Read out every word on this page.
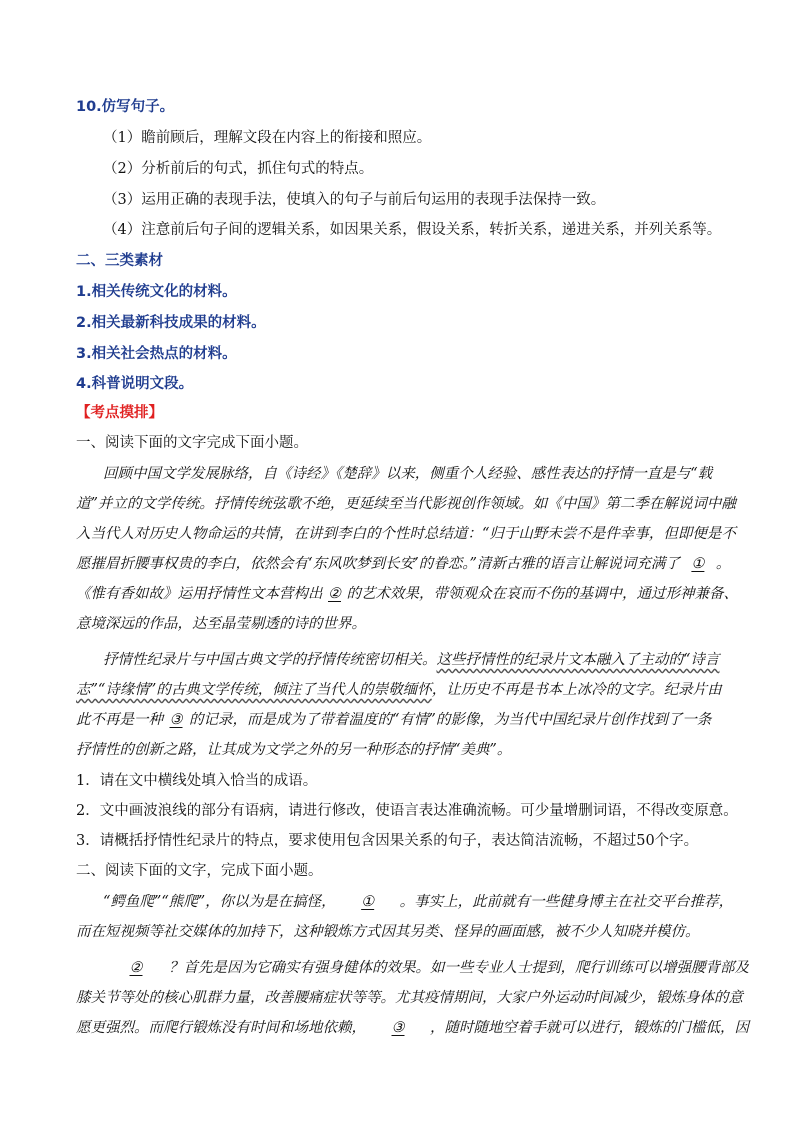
10.仿写句子。
（1）瞻前顾后，理解文段在内容上的衔接和照应。
（2）分析前后的句式，抓住句式的特点。
（3）运用正确的表现手法，使填入的句子与前后句运用的表现手法保持一致。
（4）注意前后句子间的逻辑关系，如因果关系，假设关系，转折关系，递进关系，并列关系等。
二、三类素材
1.相关传统文化的材料。
2.相关最新科技成果的材料。
3.相关社会热点的材料。
4.科普说明文段。
【考点摸排】
一、阅读下面的文字完成下面小题。
回顾中国文学发展脉络，自《诗经》《楚辞》以来，侧重个人经验、感性表达的抒情一直是与“载
道”并立的文学传统。抒情传统弦歌不绝，更延续至当代影视创作领域。如《中国》第二季在解说词中融
入当代人对历史人物命运的共情，在讲到李白的个性时总结道：“归于山野未尝不是件幸事，但即便是不
愿摧眉折腰事权贵的李白，依然会有‘东风吹梦到长安’的眷恋。”清新古雅的语言让解说词充满了 ① 。
《惟有香如故》运用抒情性文本营构出 ② 的艺术效果，带领观众在哀而不伤的基调中，通过形神兼备、
意境深远的作品，达至晶莹剔透的诗的世界。
抒情性纪录片与中国古典文学的抒情传统密切相关。这些抒情性的纪录片文本融入了主动的“诗言
志”“诗缘情”的古典文学传统，倾注了当代人的崇敬缅怀，让历史不再是书本上冰冷的文字。纪录片由
此不再是一种 ③ 的记录，而是成为了带着温度的“有情”的影像，为当代中国纪录片创作找到了一条
抒情性的创新之路，让其成为文学之外的另一种形态的抒情“美典”。
1．请在文中横线处填入恰当的成语。
2．文中画波浪线的部分有语病，请进行修改，使语言表达准确流畅。可少量增删词语，不得改变原意。
3．请概括抒情性纪录片的特点，要求使用包含因果关系的句子，表达简洁流畅，不超过50个字。
二、阅读下面的文字，完成下面小题。
“鳄鱼爬”“熊爬”，你以为是在搞怪， ① 。事实上，此前就有一些健身博主在社交平台推荐，
而在短视频等社交媒体的加持下，这种锻炼方式因其另类、怪异的画面感，被不少人知晓并模仿。
② ？首先是因为它确实有强身健体的效果。如一些专业人士提到，爬行训练可以增强腰背部及
膝关节等处的核心肌群力量，改善腰痛症状等等。尤其疫情期间，大家户外运动时间减少，锻炼身体的意
愿更强烈。而爬行锻炼没有时间和场地依赖， ③ ，随时随地空着手就可以进行，锻炼的门槛低，因
